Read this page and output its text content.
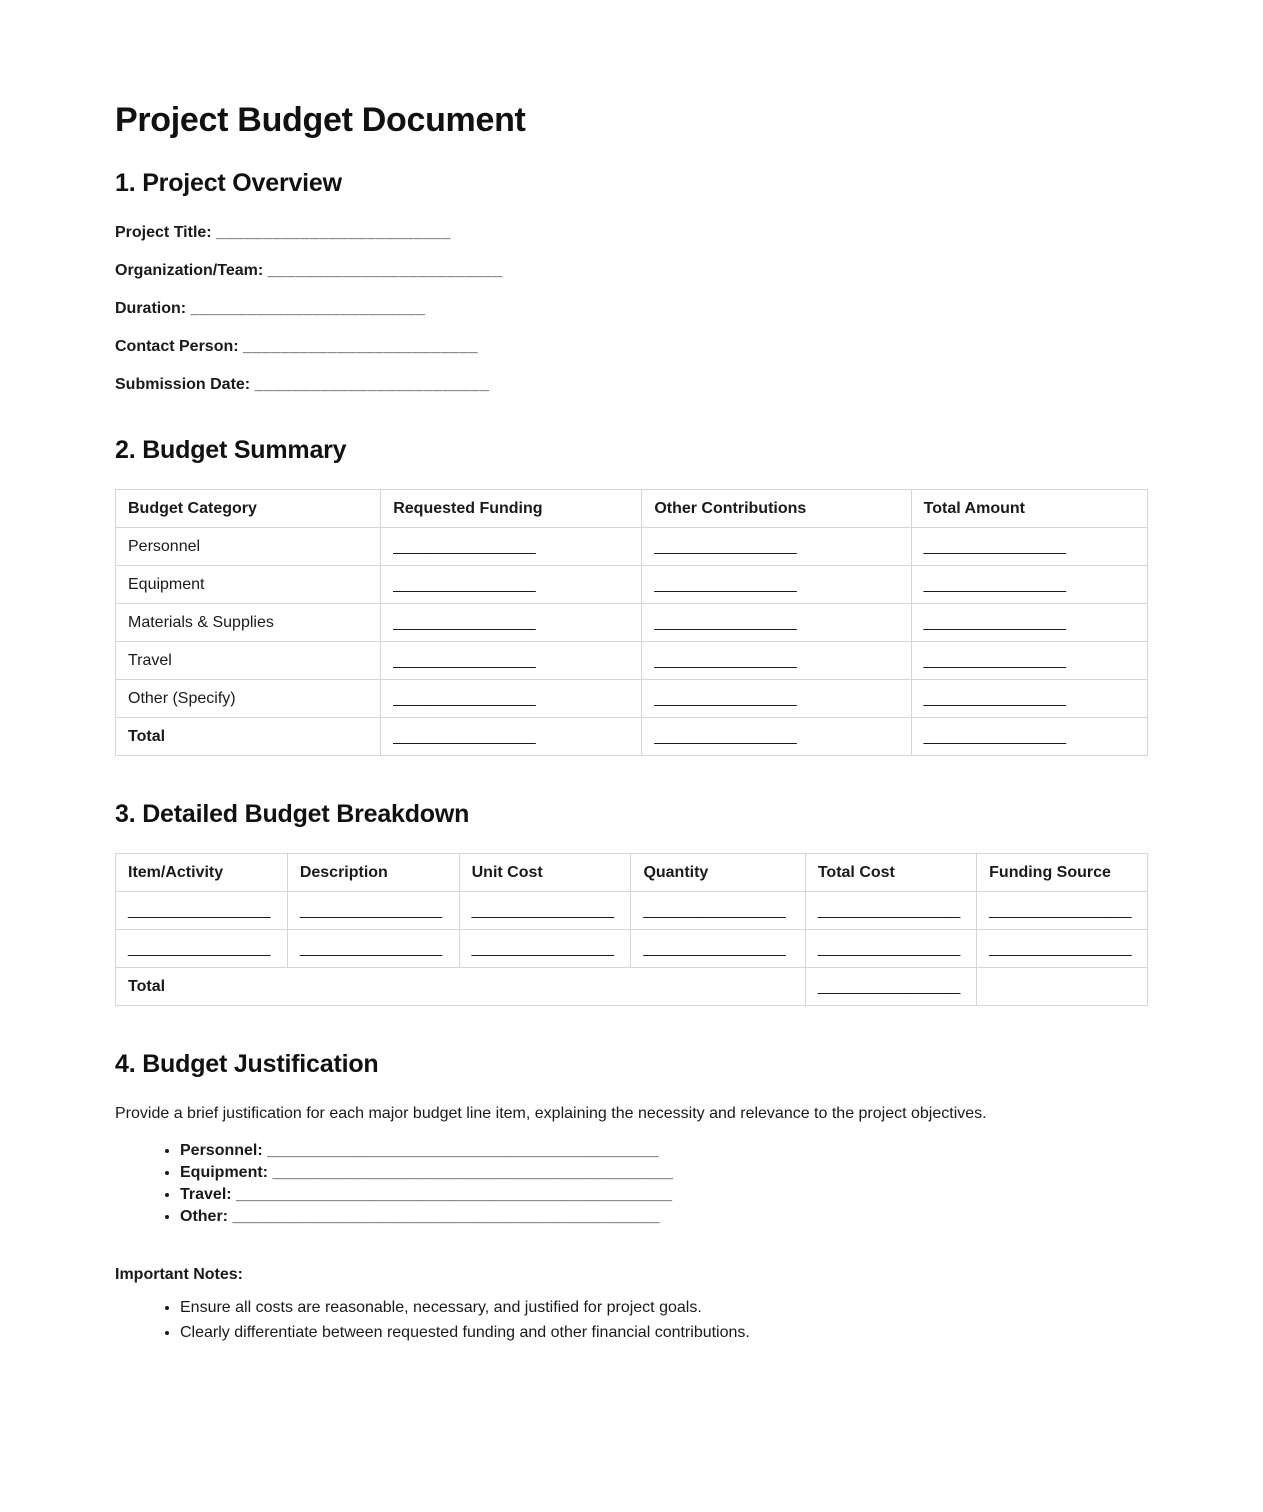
Project Budget Document
1. Project Overview

Project Title: _________________________

Organization/Team: _________________________

Duration: _________________________

Contact Person: _________________________

Submission Date: _________________________

2. Budget Summary
Budget Category	Requested Funding	Other Contributions	Total Amount
Personnel	________________	________________	________________
Equipment	________________	________________	________________
Materials & Supplies	________________	________________	________________
Travel	________________	________________	________________
Other (Specify)	________________	________________	________________
Total	________________	________________	________________
3. Detailed Budget Breakdown
Item/Activity	Description	Unit Cost	Quantity	Total Cost	Funding Source
________________	________________	________________	________________	________________	________________
________________	________________	________________	________________	________________	________________
Total				________________	
4. Budget Justification

Provide a brief justification for each major budget line item, explaining the necessity and relevance to the project objectives.

• Personnel: ____________________________________________
• Equipment: _____________________________________________
• Travel: _________________________________________________
• Other: ________________________________________________

Important Notes:

• Ensure all costs are reasonable, necessary, and justified for project goals.
• Clearly differentiate between requested funding and other financial contributions.
